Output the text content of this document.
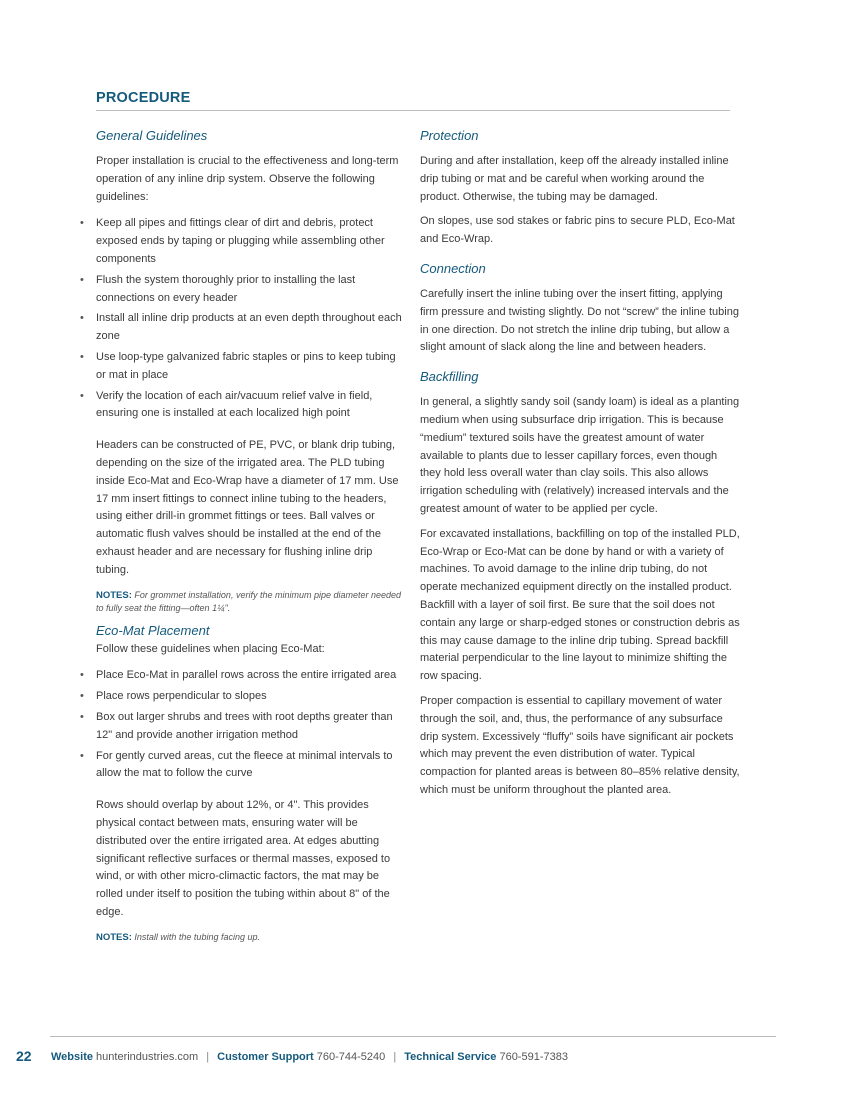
PROCEDURE
General Guidelines

Proper installation is crucial to the effectiveness and long-term operation of any inline drip system. Observe the following guidelines:

• Keep all pipes and fittings clear of dirt and debris, protect exposed ends by taping or plugging while assembling other components
• Flush the system thoroughly prior to installing the last connections on every header
• Install all inline drip products at an even depth throughout each zone
• Use loop-type galvanized fabric staples or pins to keep tubing or mat in place
• Verify the location of each air/vacuum relief valve in field, ensuring one is installed at each localized high point

Headers can be constructed of PE, PVC, or blank drip tubing, depending on the size of the irrigated area. The PLD tubing inside Eco-Mat and Eco-Wrap have a diameter of 17 mm. Use 17 mm insert fittings to connect inline tubing to the headers, using either drill-in grommet fittings or tees. Ball valves or automatic flush valves should be installed at the end of the exhaust header and are necessary for flushing inline drip tubing.

NOTES: For grommet installation, verify the minimum pipe diameter needed to fully seat the fitting—often 1¼".

Eco-Mat Placement

Follow these guidelines when placing Eco-Mat:

• Place Eco-Mat in parallel rows across the entire irrigated area
• Place rows perpendicular to slopes
• Box out larger shrubs and trees with root depths greater than 12" and provide another irrigation method
• For gently curved areas, cut the fleece at minimal intervals to allow the mat to follow the curve

Rows should overlap by about 12%, or 4". This provides physical contact between mats, ensuring water will be distributed over the entire irrigated area. At edges abutting significant reflective surfaces or thermal masses, exposed to wind, or with other micro-climactic factors, the mat may be rolled under itself to position the tubing within about 8" of the edge.

NOTES: Install with the tubing facing up.

Protection

During and after installation, keep off the already installed inline drip tubing or mat and be careful when working around the product. Otherwise, the tubing may be damaged.

On slopes, use sod stakes or fabric pins to secure PLD, Eco-Mat and Eco-Wrap.

Connection

Carefully insert the inline tubing over the insert fitting, applying firm pressure and twisting slightly. Do not “screw” the inline tubing in one direction. Do not stretch the inline drip tubing, but allow a slight amount of slack along the line and between headers.

Backfilling

In general, a slightly sandy soil (sandy loam) is ideal as a planting medium when using subsurface drip irrigation. This is because “medium” textured soils have the greatest amount of water available to plants due to lesser capillary forces, even though they hold less overall water than clay soils. This also allows irrigation scheduling with (relatively) increased intervals and the greatest amount of water to be applied per cycle.

For excavated installations, backfilling on top of the installed PLD, Eco-Wrap or Eco-Mat can be done by hand or with a variety of machines. To avoid damage to the inline drip tubing, do not operate mechanized equipment directly on the installed product. Backfill with a layer of soil first. Be sure that the soil does not contain any large or sharp-edged stones or construction debris as this may cause damage to the inline drip tubing. Spread backfill material perpendicular to the line layout to minimize shifting the row spacing.

Proper compaction is essential to capillary movement of water through the soil, and, thus, the performance of any subsurface drip system. Excessively “fluffy” soils have significant air pockets which may prevent the even distribution of water. Typical compaction for planted areas is between 80–85% relative density, which must be uniform throughout the planted area.

22 Website hunterindustries.com | Customer Support 760-744-5240 | Technical Service 760-591-7383
